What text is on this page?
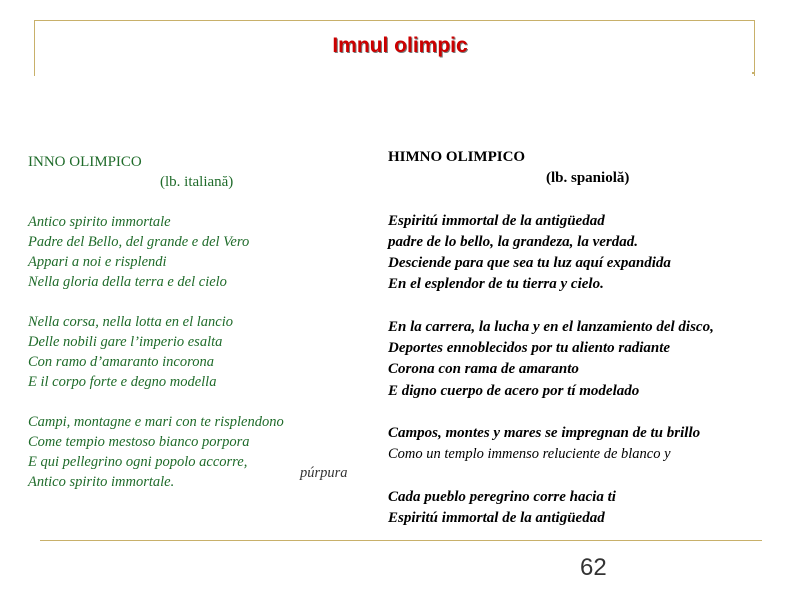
Imnul olimpic
INNO OLIMPICO
(lb. italiană)
Antico spirito immortale
Padre del Bello, del grande e del Vero
Appari a noi e risplendi
Nella gloria della terra e del cielo
Nella corsa, nella lotta en el lancio
Delle nobili gare l’imperio esalta
Con ramo d’amaranto incorona
E il corpo forte e degno modella
Campi, montagne e mari con te risplendono
Come tempio mestoso bianco porpora
E qui pellegrino ogni popolo accorre,
Antico spirito immortale.
púrpura
HIMNO OLIMPICO
(lb. spaniolă)
Espiritú immortal de la antigüedad
padre de lo bello, la grandeza, la verdad.
Desciende para que sea tu luz aquí expandida
En el esplendor de tu tierra y cielo.
En la carrera, la lucha y en el lanzamiento del disco,
Deportes ennoblecidos por tu aliento radiante
Corona con rama de amaranto
E digno cuerpo de acero por tí modelado
Campos, montes y mares se impregnan de tu brillo
Como un templo immenso reluciente de blanco y
Cada pueblo peregrino corre hacia ti
Espiritú immortal de la antigüedad
62
